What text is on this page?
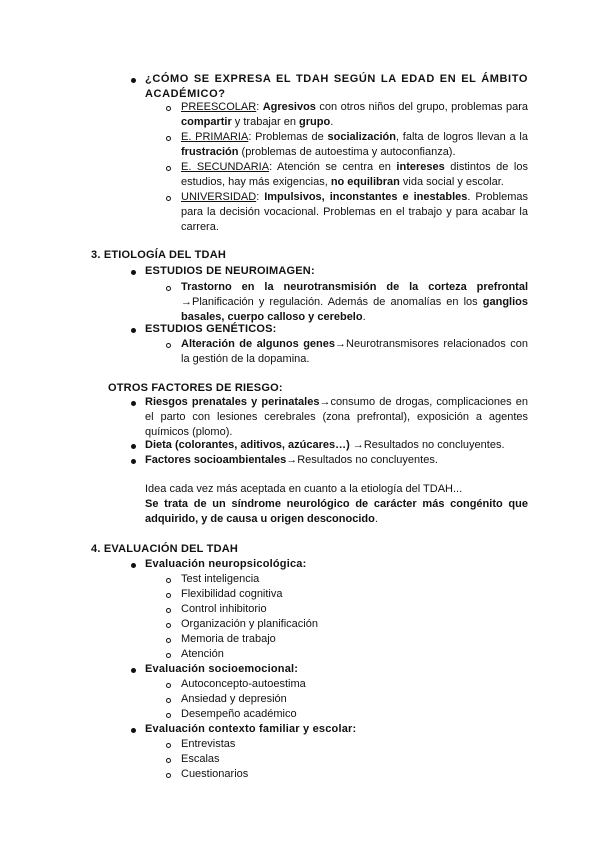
¿CÓMO SE EXPRESA EL TDAH SEGÚN LA EDAD EN EL ÁMBITO ACADÉMICO?
PREESCOLAR: Agresivos con otros niños del grupo, problemas para compartir y trabajar en grupo.
E. PRIMARIA: Problemas de socialización, falta de logros llevan a la frustración (problemas de autoestima y autoconfianza).
E. SECUNDARIA: Atención se centra en intereses distintos de los estudios, hay más exigencias, no equilibran vida social y escolar.
UNIVERSIDAD: Impulsivos, inconstantes e inestables. Problemas para la decisión vocacional. Problemas en el trabajo y para acabar la carrera.
3. ETIOLOGÍA DEL TDAH
ESTUDIOS DE NEUROIMAGEN:
Trastorno en la neurotransmisión de la corteza prefrontal →Planificación y regulación. Además de anomalías en los ganglios basales, cuerpo calloso y cerebelo.
ESTUDIOS GENÉTICOS:
Alteración de algunos genes→Neurotransmisores relacionados con la gestión de la dopamina.
OTROS FACTORES DE RIESGO:
Riesgos prenatales y perinatales→consumo de drogas, complicaciones en el parto con lesiones cerebrales (zona prefrontal), exposición a agentes químicos (plomo).
Dieta (colorantes, aditivos, azúcares…) →Resultados no concluyentes.
Factores socioambientales→Resultados no concluyentes.
Idea cada vez más aceptada en cuanto a la etiología del TDAH...
Se trata de un síndrome neurológico de carácter más congénito que adquirido, y de causa u origen desconocido.
4. EVALUACIÓN DEL TDAH
Evaluación neuropsicológica:
Test inteligencia
Flexibilidad cognitiva
Control inhibitorio
Organización y planificación
Memoria de trabajo
Atención
Evaluación socioemocional:
Autoconcepto-autoestima
Ansiedad y depresión
Desempeño académico
Evaluación contexto familiar y escolar:
Entrevistas
Escalas
Cuestionarios
